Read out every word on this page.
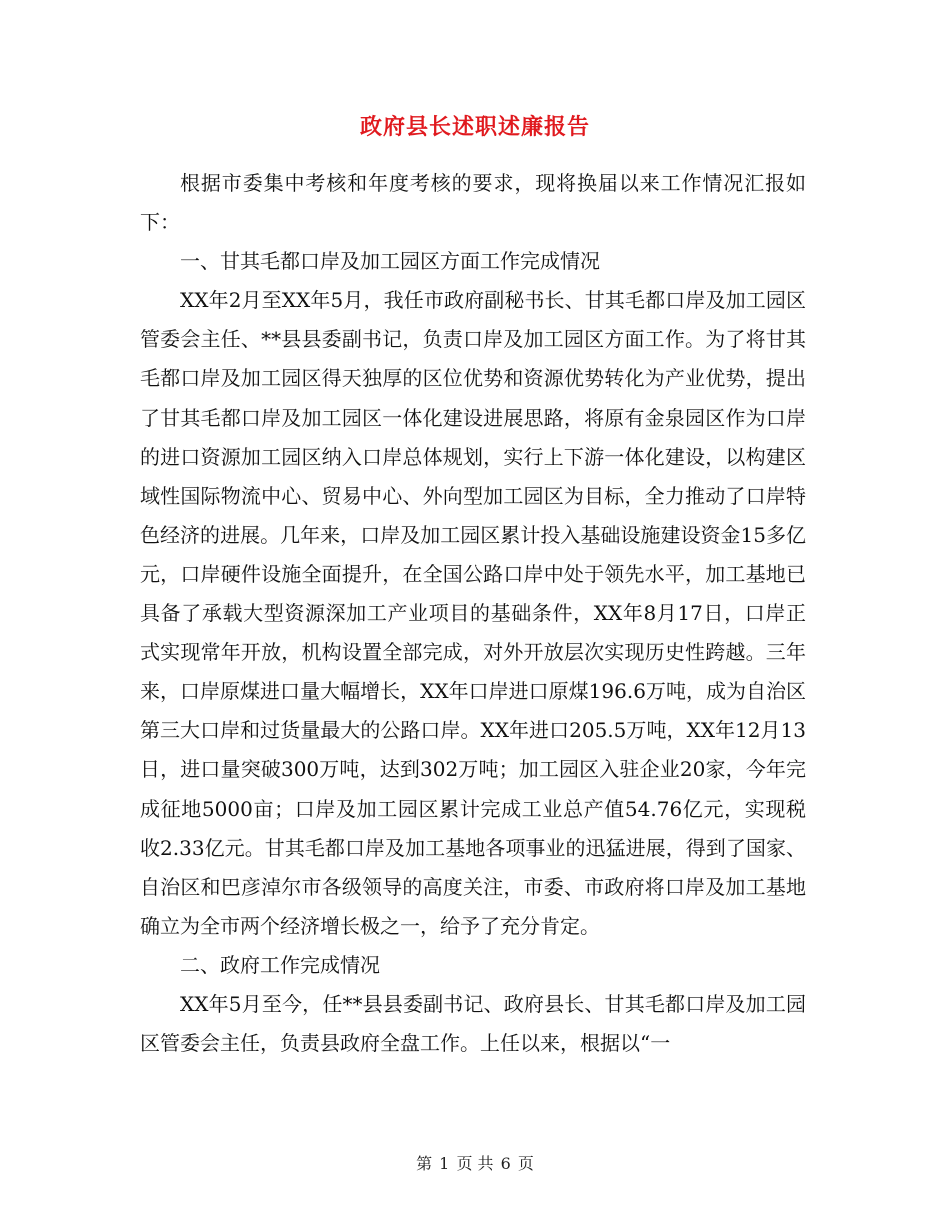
政府县长述职述廉报告

根据市委集中考核和年度考核的要求，现将换届以来工作情况汇报如下：

一、甘其毛都口岸及加工园区方面工作完成情况

XX年2月至XX年5月，我任市政府副秘书长、甘其毛都口岸及加工园区管委会主任、**县县委副书记，负责口岸及加工园区方面工作。为了将甘其毛都口岸及加工园区得天独厚的区位优势和资源优势转化为产业优势，提出了甘其毛都口岸及加工园区一体化建设进展思路，将原有金泉园区作为口岸的进口资源加工园区纳入口岸总体规划，实行上下游一体化建设，以构建区域性国际物流中心、贸易中心、外向型加工园区为目标，全力推动了口岸特色经济的进展。几年来，口岸及加工园区累计投入基础设施建设资金15多亿元，口岸硬件设施全面提升，在全国公路口岸中处于领先水平，加工基地已具备了承载大型资源深加工产业项目的基础条件，XX年8月17日，口岸正式实现常年开放，机构设置全部完成，对外开放层次实现历史性跨越。三年来，口岸原煤进口量大幅增长，XX年口岸进口原煤196.6万吨，成为自治区第三大口岸和过货量最大的公路口岸。XX年进口205.5万吨，XX年12月13日，进口量突破300万吨，达到302万吨；加工园区入驻企业20家，今年完成征地5000亩；口岸及加工园区累计完成工业总产值54.76亿元，实现税收2.33亿元。甘其毛都口岸及加工基地各项事业的迅猛进展，得到了国家、自治区和巴彦淖尔市各级领导的高度关注，市委、市政府将口岸及加工基地确立为全市两个经济增长极之一，给予了充分肯定。

二、政府工作完成情况

XX年5月至今，任**县县委副书记、政府县长、甘其毛都口岸及加工园区管委会主任，负责县政府全盘工作。上任以来，根据以“一

第 1 页 共 6 页
